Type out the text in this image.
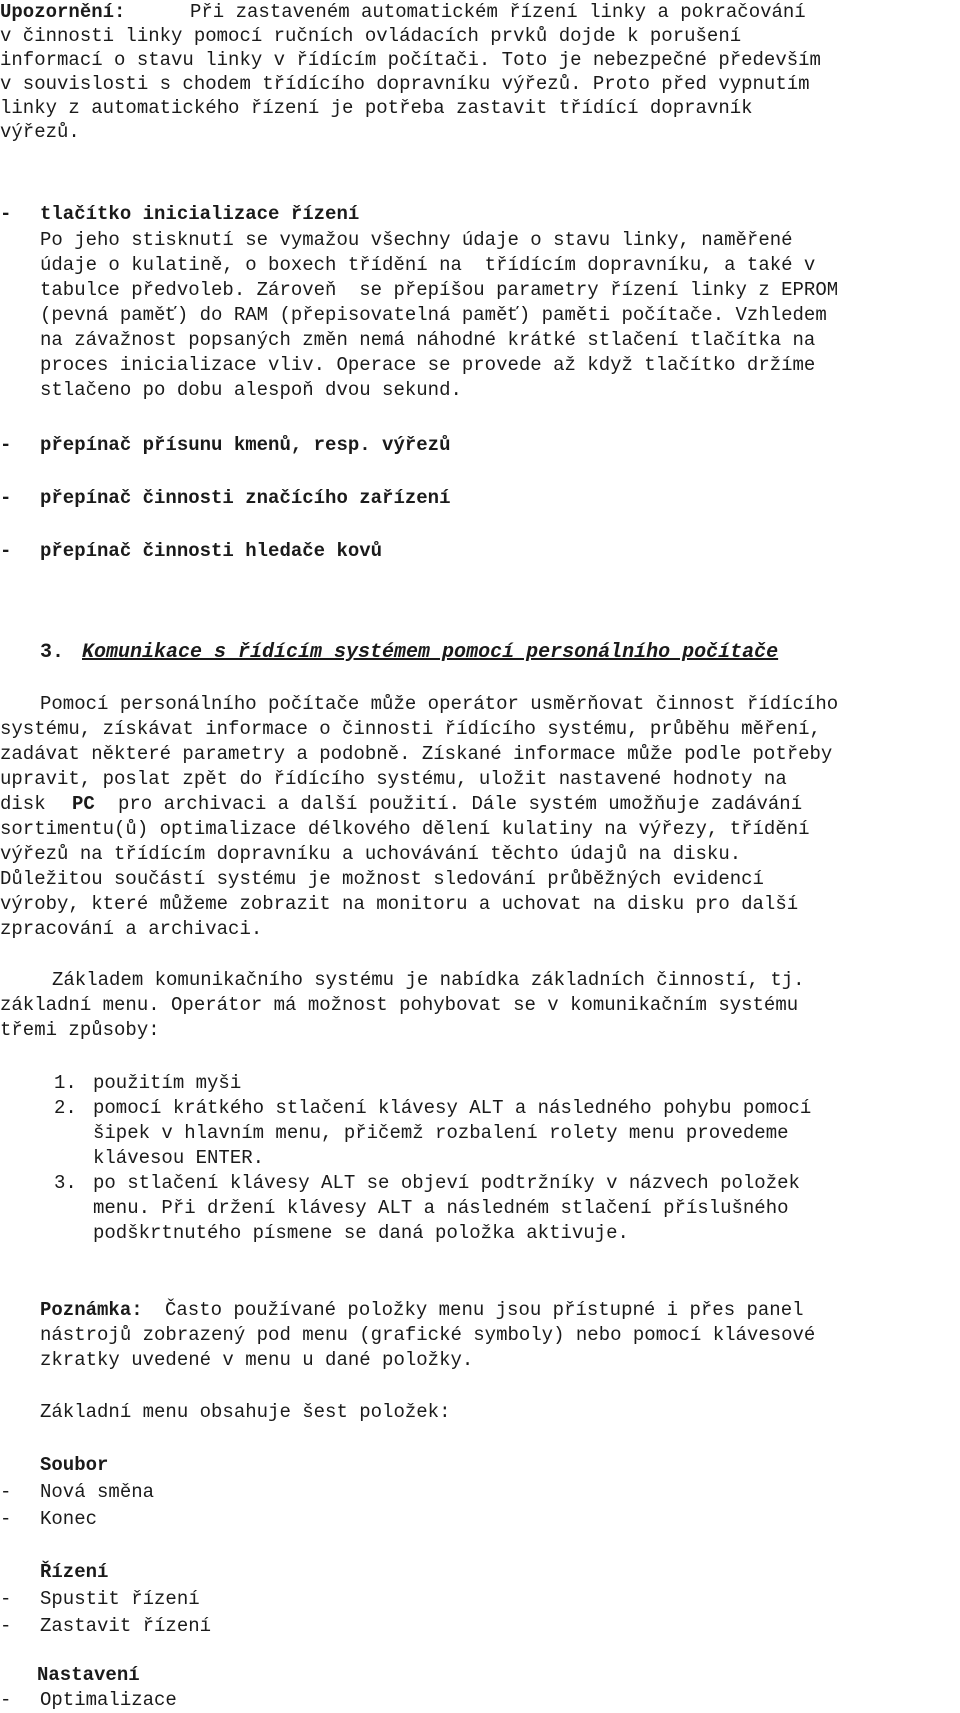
Upozornění:	Při zastaveném automatickém řízení linky a pokračování
v činnosti linky pomocí ručních ovládacích prvků dojde k porušení
informací o stavu linky v řídícím počítači. Toto je nebezpečné především
v souvislosti s chodem třídícího dopravníku výřezů. Proto před vypnutím
linky z automatického řízení je potřeba zastavit třídící dopravník
výřezů.
- tlačítko inicializace řízení
Po jeho stisknutí se vymažou všechny údaje o stavu linky, naměřené
údaje o kulatině, o boxech třídění na  třídícím dopravníku, a také v
tabulce předvoleb. Zároveň  se přepíšou parametry řízení linky z EPROM
(pevná paměť) do RAM (přepisovatelná paměť) paměti počítače. Vzhledem
na závažnost popsaných změn nemá náhodné krátké stlačení tlačítka na
proces inicializace vliv. Operace se provede až když tlačítko držíme
stlačeno po dobu alespoň dvou sekund.
- přepínač přísunu kmenů, resp. výřezů
- přepínač činnosti značícího zařízení
- přepínač činnosti hledače kovů
3. Komunikace s řídícím systémem pomocí personálního počítače
Pomocí personálního počítače může operátor usměrňovat činnost řídícího
systému, získávat informace o činnosti řídícího systému, průběhu měření,
zadávat některé parametry a podobně. Získané informace může podle potřeby
upravit, poslat zpět do řídícího systému, uložit nastavené hodnoty na
disk PC pro archivaci a další použití. Dále systém umožňuje zadávání
sortimentu(ů) optimalizace délkového dělení kulatiny na výřezy, třídění
výřezů na třídícím dopravníku a uchovávání těchto údajů na disku.
Důležitou součástí systému je možnost sledování průběžných evidencí
výroby, které můžeme zobrazit na monitoru a uchovat na disku pro další
zpracování a archivaci.
Základem komunikačního systému je nabídka základních činností, tj.
základní menu. Operátor má možnost pohybovat se v komunikačním systému
třemi způsoby:
1. použitím myši
2. pomocí krátkého stlačení klávesy ALT a následného pohybu pomocí
šipek v hlavním menu, přičemž rozbalení rolety menu provedeme
klávesou ENTER.
3. po stlačení klávesy ALT se objeví podtržníky v názvech položek
menu. Při držení klávesy ALT a následném stlačení příslušného
podškrtnutého písmene se daná položka aktivuje.
Poznámka: Často používané položky menu jsou přístupné i přes panel
nástrojů zobrazený pod menu (grafické symboly) nebo pomocí klávesové
zkratky uvedené v menu u dané položky.
Základní menu obsahuje šest položek:
Soubor
- Nová směna
- Konec
Řízení
- Spustit řízení
- Zastavit řízení
Nastavení
- Optimalizace
